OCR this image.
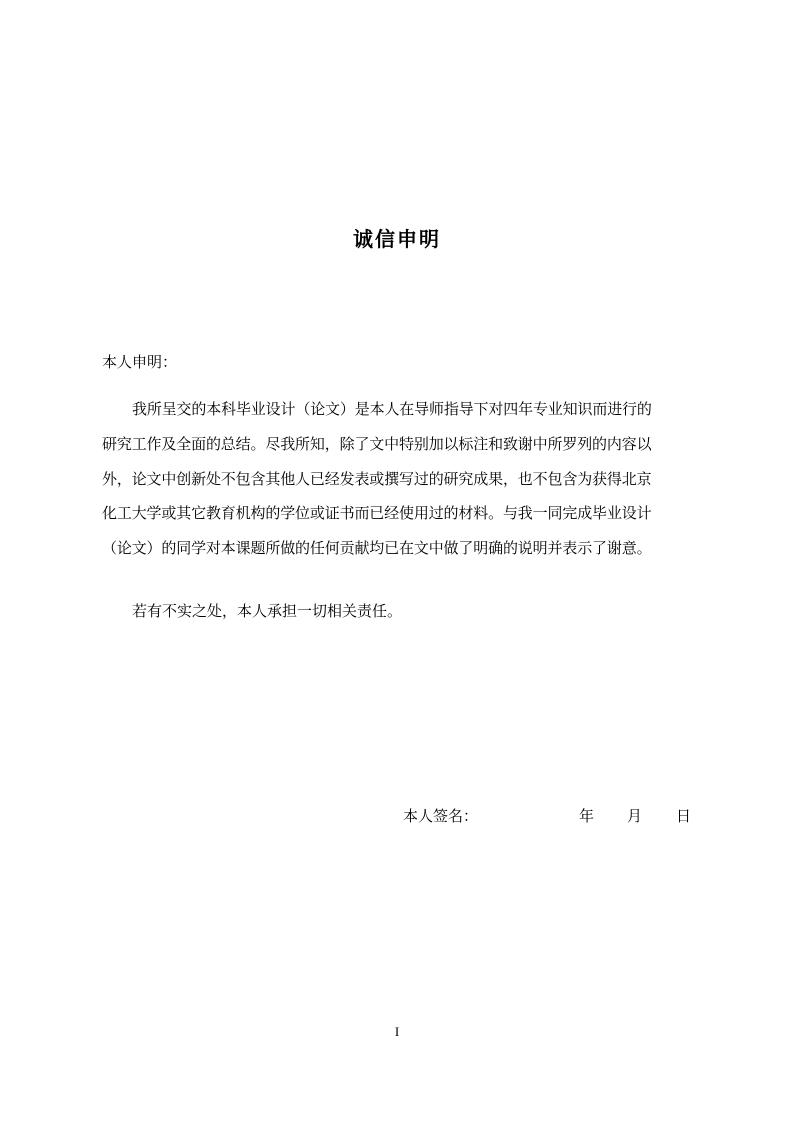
诚信申明
本人申明：
我所呈交的本科毕业设计（论文）是本人在导师指导下对四年专业知识而进行的
研究工作及全面的总结。尽我所知，除了文中特别加以标注和致谢中所罗列的内容以
外，论文中创新处不包含其他人已经发表或撰写过的研究成果，也不包含为获得北京
化工大学或其它教育机构的学位或证书而已经使用过的材料。与我一同完成毕业设计
（论文）的同学对本课题所做的任何贡献均已在文中做了明确的说明并表示了谢意。
若有不实之处，本人承担一切相关责任。
本人签名：	年 月 日
I
